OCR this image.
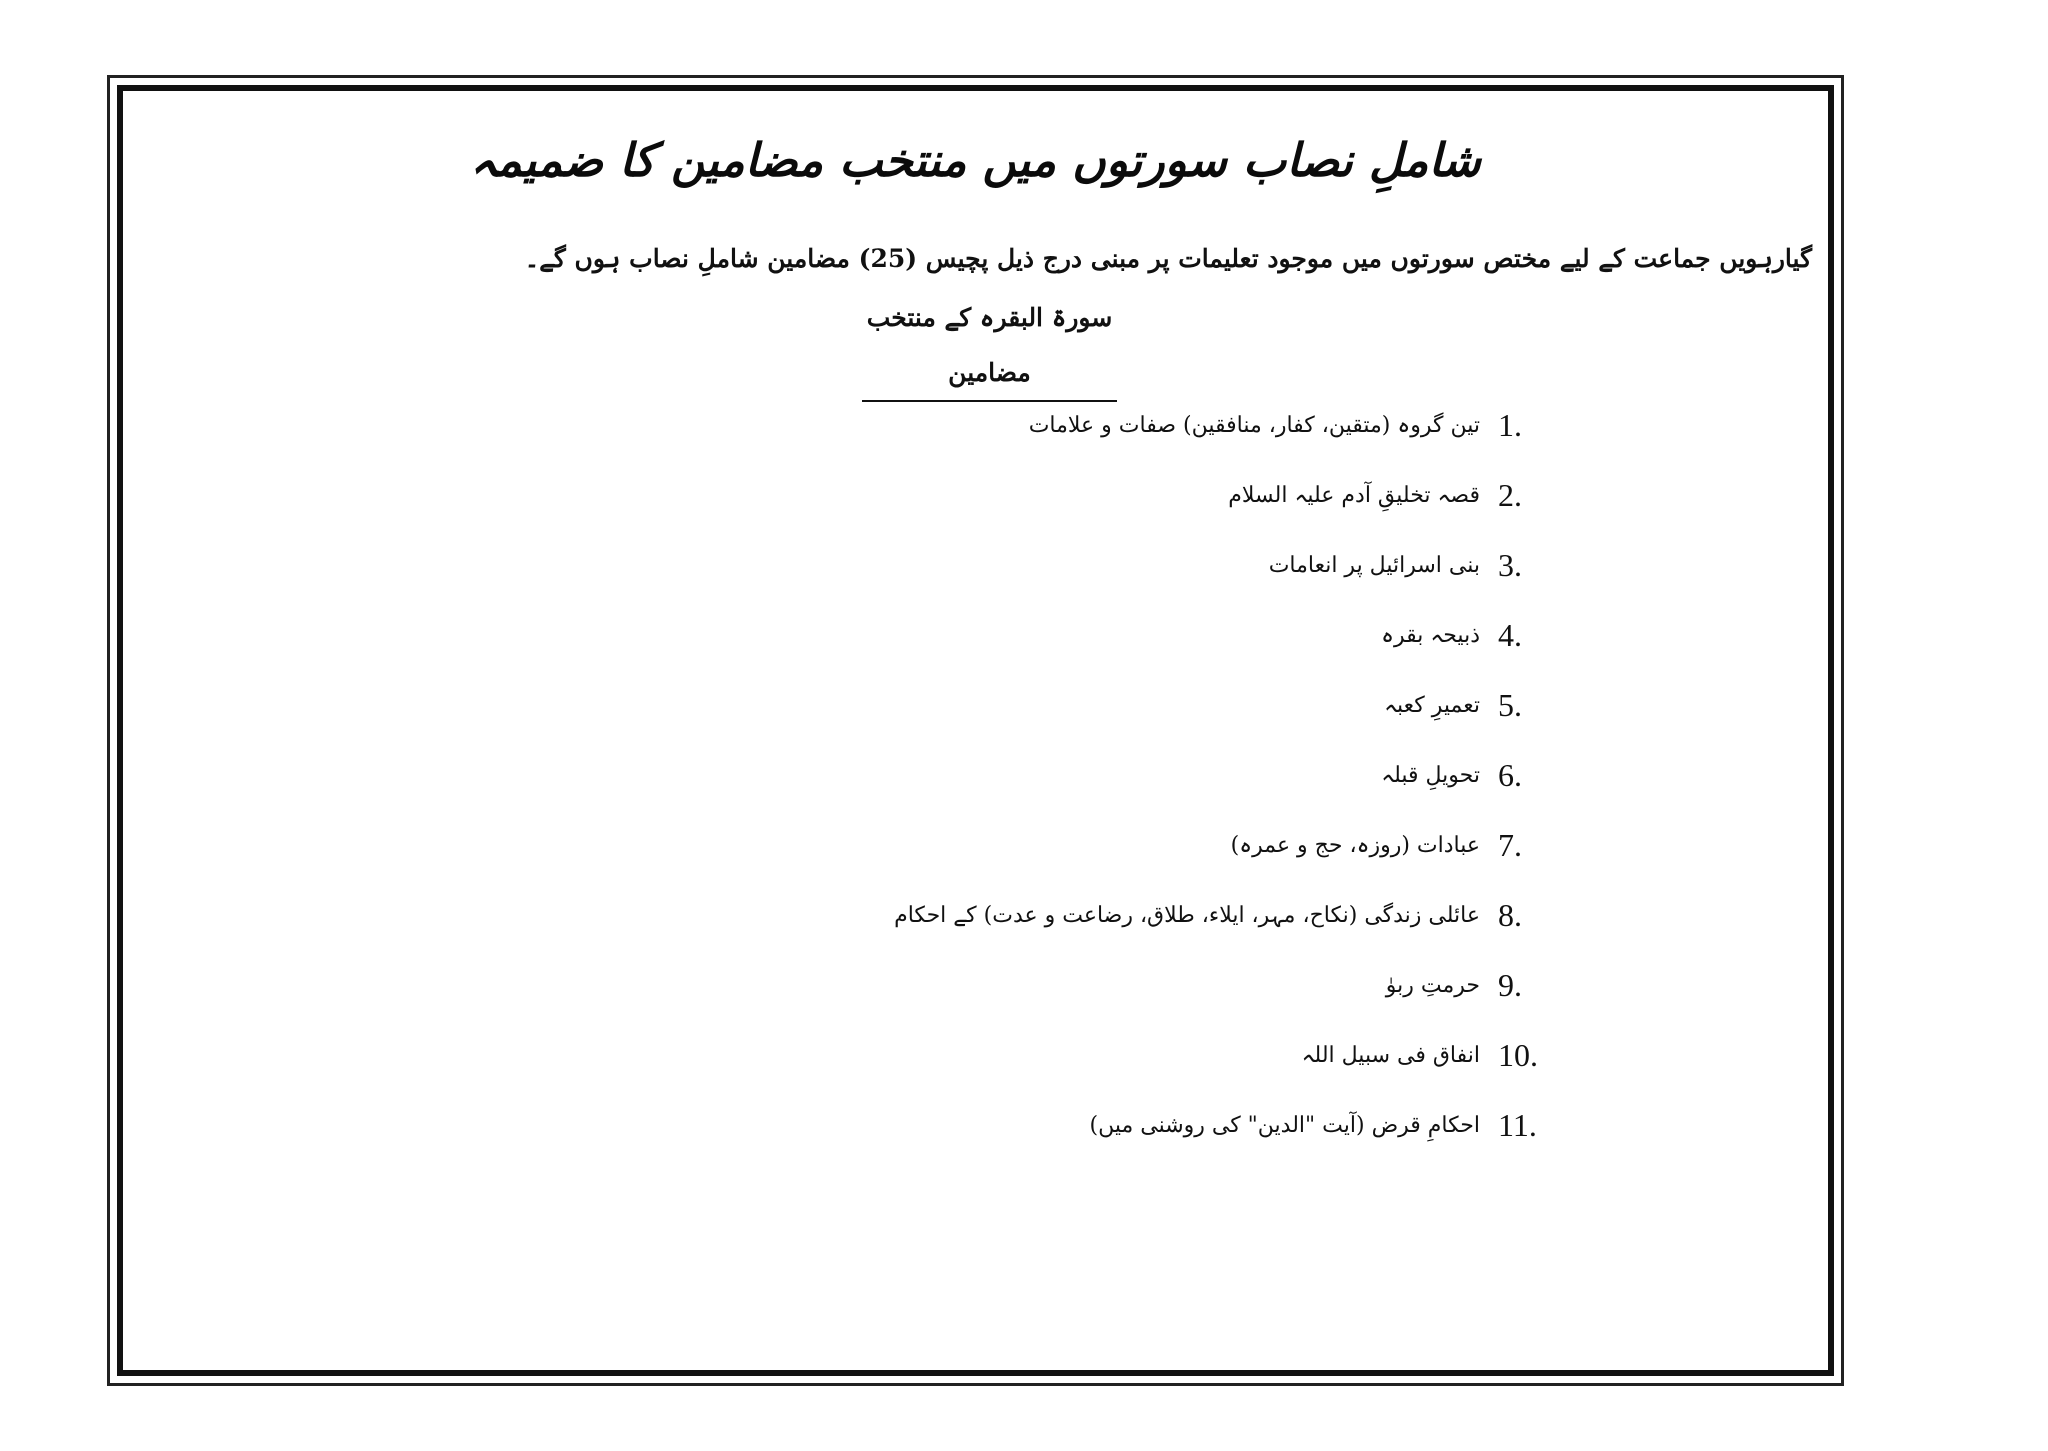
شاملِ نصاب سورتوں میں منتخب مضامین کا ضمیمہ
گیارہویں جماعت کے لیے مختص سورتوں میں موجود تعلیمات پر مبنی درج ذیل پچیس (25) مضامین شاملِ نصاب ہوں گے۔
سورۃ البقرہ کے منتخب مضامین
1.
تین گروہ (متقین، کفار، منافقین) صفات و علامات
2.
قصہ تخلیقِ آدم علیہ السلام
3.
بنی اسرائیل پر انعامات
4.
ذبیحہ بقرہ
5.
تعمیرِ کعبہ
6.
تحویلِ قبلہ
7.
عبادات (روزہ، حج و عمرہ)
8.
عائلی زندگی (نکاح، مہر، ایلاء، طلاق، رضاعت و عدت) کے احکام
9.
حرمتِ ربوٰ
10.
انفاق فی سبیل اللہ
11.
احکامِ قرض (آیت "الدین" کی روشنی میں)
